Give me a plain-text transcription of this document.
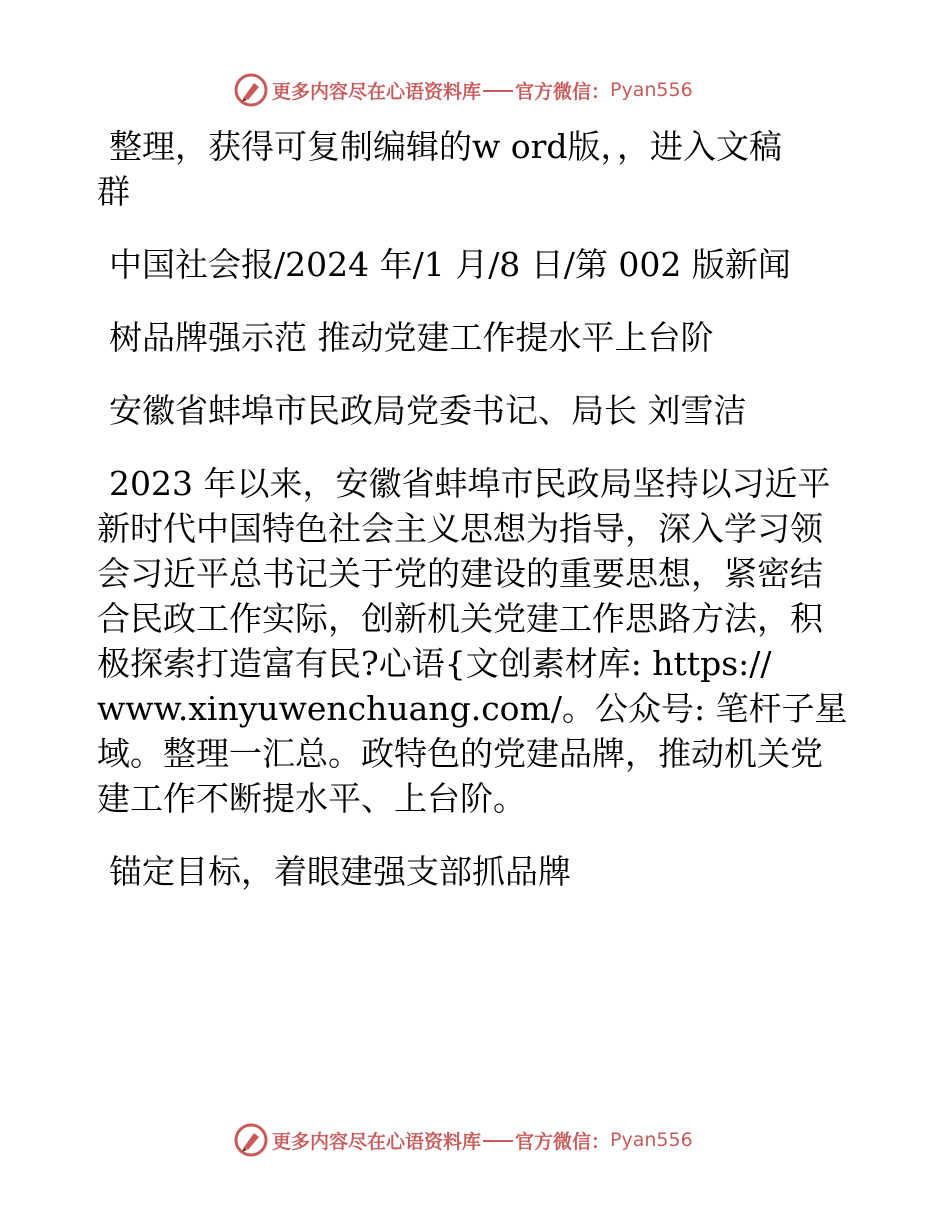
更多内容尽在心语资料库 官方微信： Pyan556
整理，获得可复制编辑的w ord版，，进入文稿
群
中国社会报/2024 年/1 月/8 日/第 002 版新闻
树品牌强示范 推动党建工作提水平上台阶
安徽省蚌埠市民政局党委书记、局长 刘雪洁
2023 年以来，安徽省蚌埠市民政局坚持以习近平
新时代中国特色社会主义思想为指导，深入学习领
会习近平总书记关于党的建设的重要思想，紧密结
合民政工作实际，创新机关党建工作思路方法，积
极探索打造富有民?心语{文创素材库: https://
www.xinyuwenchuang.com/。公众号: 笔杆子星
域。整理一汇总。政特色的党建品牌，推动机关党
建工作不断提水平、上台阶。
锚定目标，着眼建强支部抓品牌
更多内容尽在心语资料库 官方微信： Pyan556
